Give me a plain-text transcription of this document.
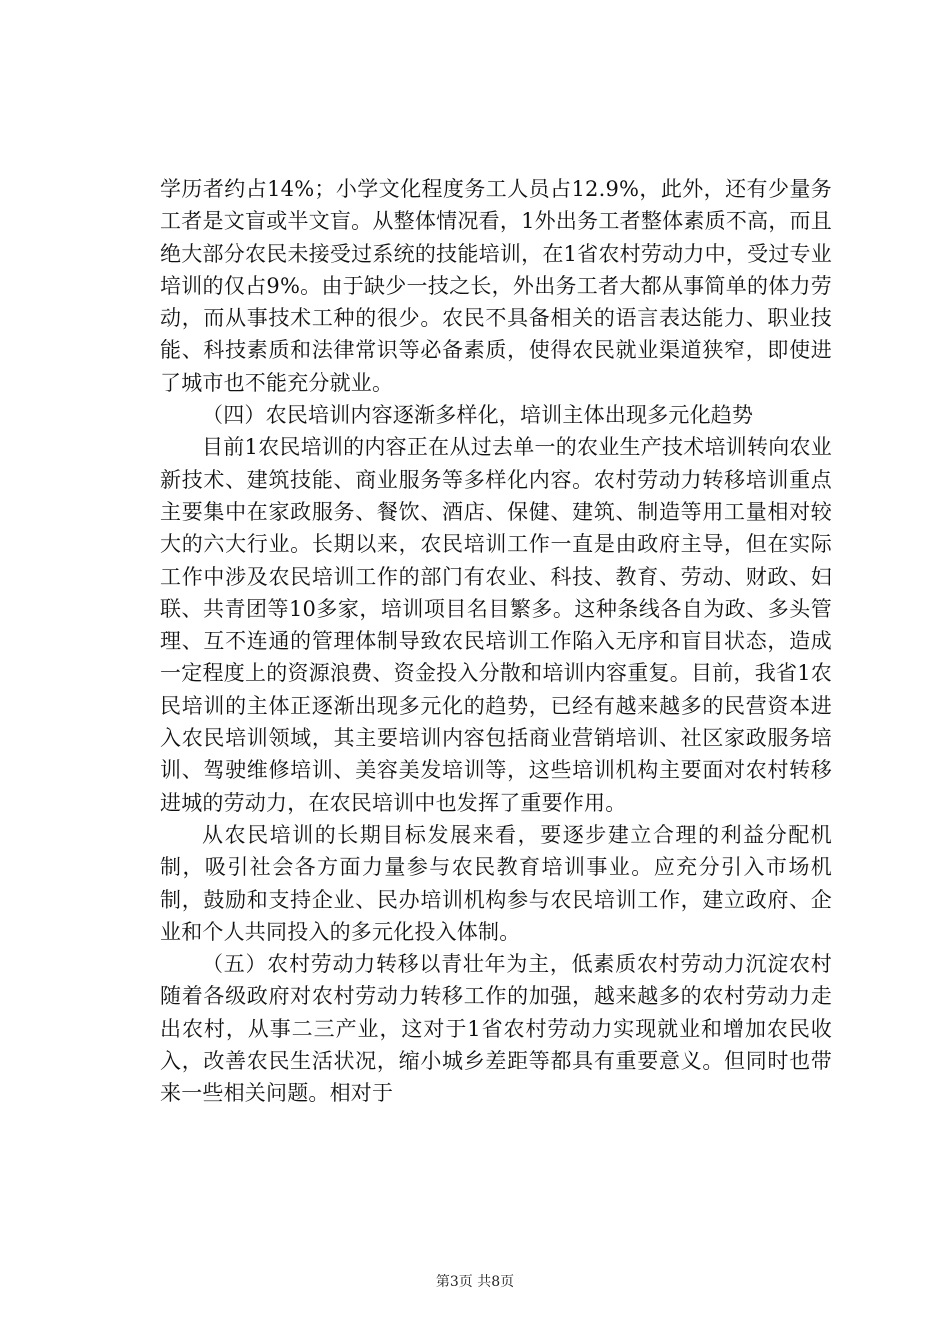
学历者约占14%；小学文化程度务工人员占12.9%，此外，还有少量务工者是文盲或半文盲。从整体情况看，1外出务工者整体素质不高，而且绝大部分农民未接受过系统的技能培训，在1省农村劳动力中，受过专业培训的仅占9%。由于缺少一技之长，外出务工者大都从事简单的体力劳动，而从事技术工种的很少。农民不具备相关的语言表达能力、职业技能、科技素质和法律常识等必备素质，使得农民就业渠道狭窄，即使进了城市也不能充分就业。

（四）农民培训内容逐渐多样化，培训主体出现多元化趋势

目前1农民培训的内容正在从过去单一的农业生产技术培训转向农业新技术、建筑技能、商业服务等多样化内容。农村劳动力转移培训重点主要集中在家政服务、餐饮、酒店、保健、建筑、制造等用工量相对较大的六大行业。长期以来，农民培训工作一直是由政府主导，但在实际工作中涉及农民培训工作的部门有农业、科技、教育、劳动、财政、妇联、共青团等10多家，培训项目名目繁多。这种条线各自为政、多头管理、互不连通的管理体制导致农民培训工作陷入无序和盲目状态，造成一定程度上的资源浪费、资金投入分散和培训内容重复。目前，我省1农民培训的主体正逐渐出现多元化的趋势，已经有越来越多的民营资本进入农民培训领域，其主要培训内容包括商业营销培训、社区家政服务培训、驾驶维修培训、美容美发培训等，这些培训机构主要面对农村转移进城的劳动力，在农民培训中也发挥了重要作用。

从农民培训的长期目标发展来看，要逐步建立合理的利益分配机制，吸引社会各方面力量参与农民教育培训事业。应充分引入市场机制，鼓励和支持企业、民办培训机构参与农民培训工作，建立政府、企业和个人共同投入的多元化投入体制。

（五）农村劳动力转移以青壮年为主，低素质农村劳动力沉淀农村随着各级政府对农村劳动力转移工作的加强，越来越多的农村劳动力走出农村，从事二三产业，这对于1省农村劳动力实现就业和增加农民收入，改善农民生活状况，缩小城乡差距等都具有重要意义。但同时也带来一些相关问题。相对于

第3页 共8页
